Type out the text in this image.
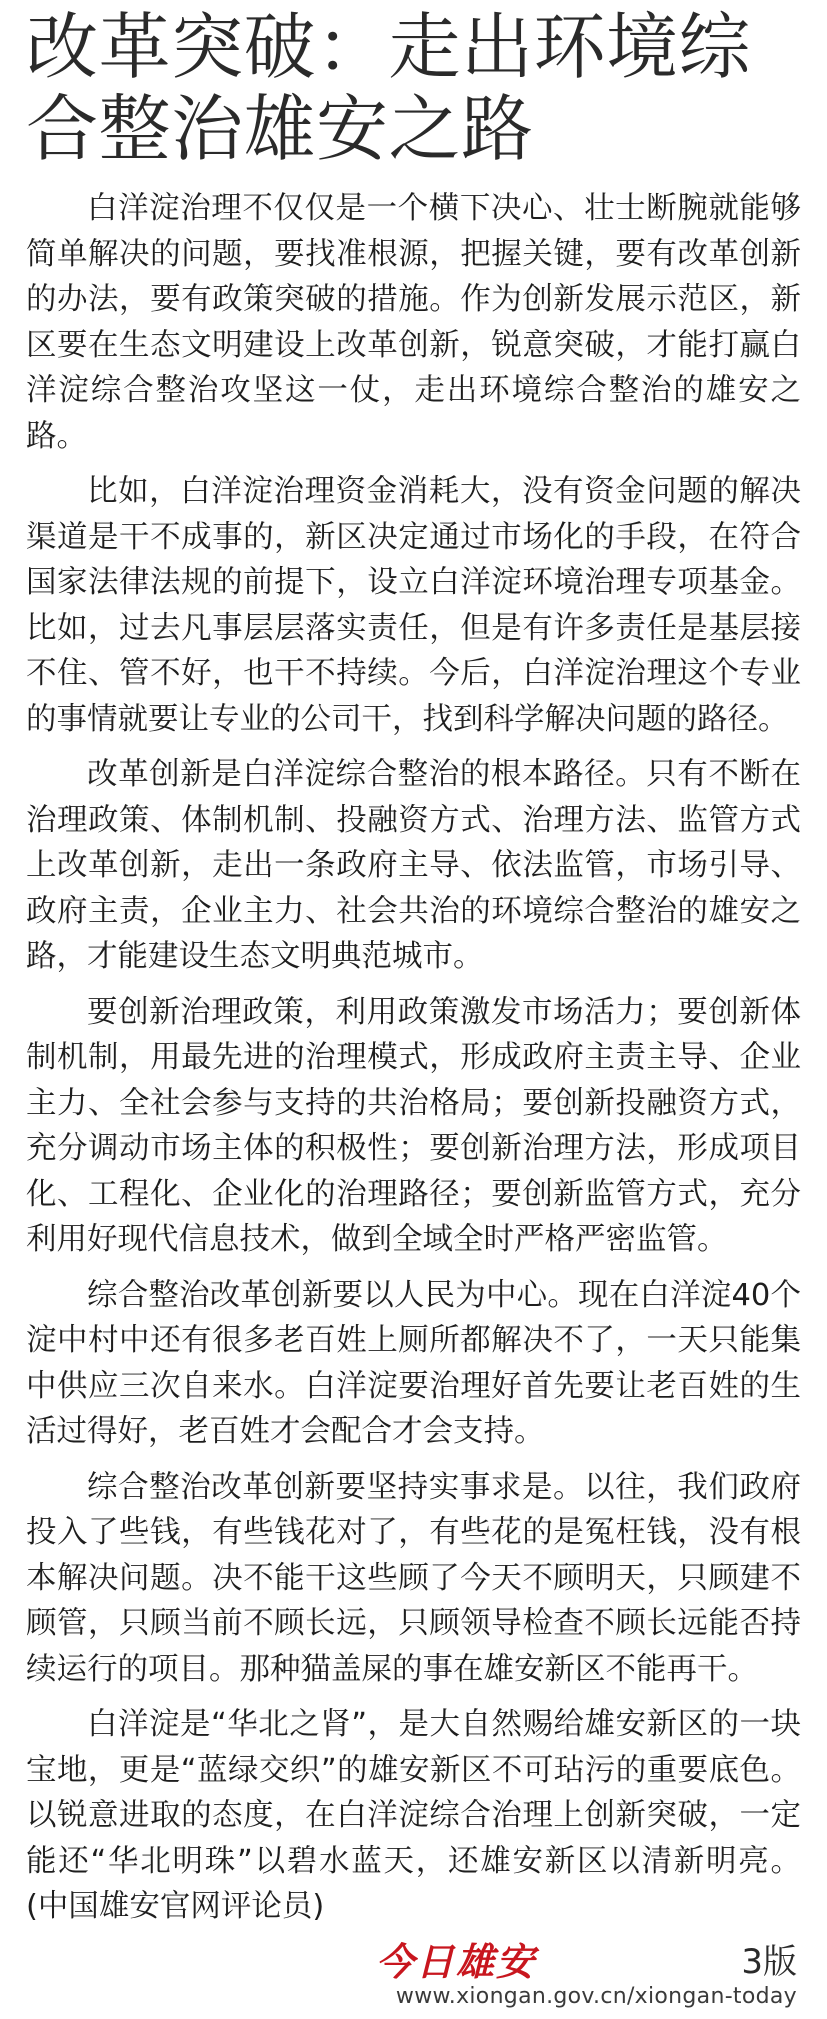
改革突破：走出环境综合整治雄安之路

白洋淀治理不仅仅是一个横下决心、壮士断腕就能够简单解决的问题，要找准根源，把握关键，要有改革创新的办法，要有政策突破的措施。作为创新发展示范区，新区要在生态文明建设上改革创新，锐意突破，才能打赢白洋淀综合整治攻坚这一仗，走出环境综合整治的雄安之路。

比如，白洋淀治理资金消耗大，没有资金问题的解决渠道是干不成事的，新区决定通过市场化的手段，在符合国家法律法规的前提下，设立白洋淀环境治理专项基金。比如，过去凡事层层落实责任，但是有许多责任是基层接不住、管不好，也干不持续。今后，白洋淀治理这个专业的事情就要让专业的公司干，找到科学解决问题的路径。

改革创新是白洋淀综合整治的根本路径。只有不断在治理政策、体制机制、投融资方式、治理方法、监管方式上改革创新，走出一条政府主导、依法监管，市场引导、政府主责，企业主力、社会共治的环境综合整治的雄安之路，才能建设生态文明典范城市。

要创新治理政策，利用政策激发市场活力；要创新体制机制，用最先进的治理模式，形成政府主责主导、企业主力、全社会参与支持的共治格局；要创新投融资方式，充分调动市场主体的积极性；要创新治理方法，形成项目化、工程化、企业化的治理路径；要创新监管方式，充分利用好现代信息技术，做到全域全时严格严密监管。

综合整治改革创新要以人民为中心。现在白洋淀40个淀中村中还有很多老百姓上厕所都解决不了，一天只能集中供应三次自来水。白洋淀要治理好首先要让老百姓的生活过得好，老百姓才会配合才会支持。

综合整治改革创新要坚持实事求是。以往，我们政府投入了些钱，有些钱花对了，有些花的是冤枉钱，没有根本解决问题。决不能干这些顾了今天不顾明天，只顾建不顾管，只顾当前不顾长远，只顾领导检查不顾长远能否持续运行的项目。那种猫盖屎的事在雄安新区不能再干。

白洋淀是“华北之肾”，是大自然赐给雄安新区的一块宝地，更是“蓝绿交织”的雄安新区不可玷污的重要底色。以锐意进取的态度，在白洋淀综合治理上创新突破，一定能还“华北明珠”以碧水蓝天，还雄安新区以清新明亮。(中国雄安官网评论员)

今日雄安	3版
www.xiongan.gov.cn/xiongan-today
